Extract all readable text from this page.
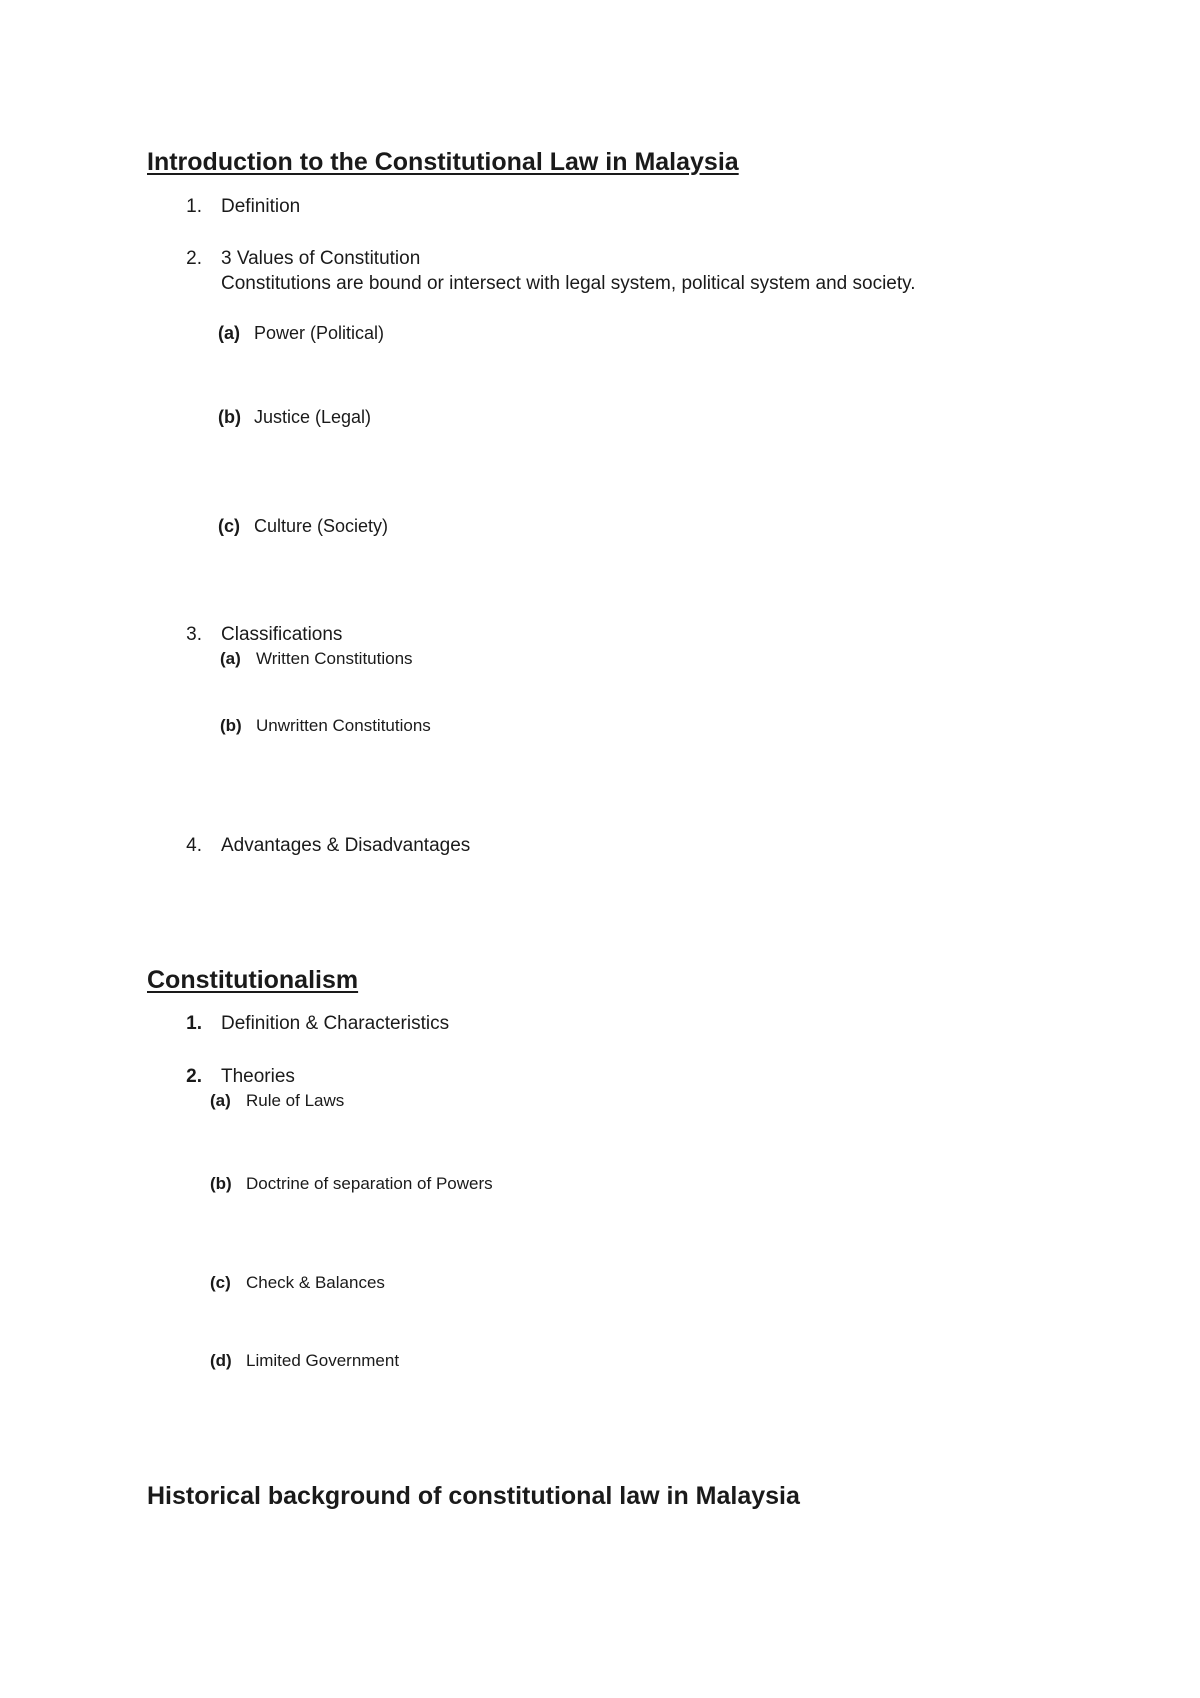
Introduction to the Constitutional Law in Malaysia
1. Definition
2. 3 Values of Constitution
Constitutions are bound or intersect with legal system, political system and society.
(a) Power (Political)
(b) Justice (Legal)
(c) Culture (Society)
3. Classifications
(a) Written Constitutions
(b) Unwritten Constitutions
4. Advantages & Disadvantages
Constitutionalism
1. Definition & Characteristics
2. Theories
(a) Rule of Laws
(b) Doctrine of separation of Powers
(c) Check & Balances
(d) Limited Government
Historical background of constitutional law in Malaysia
